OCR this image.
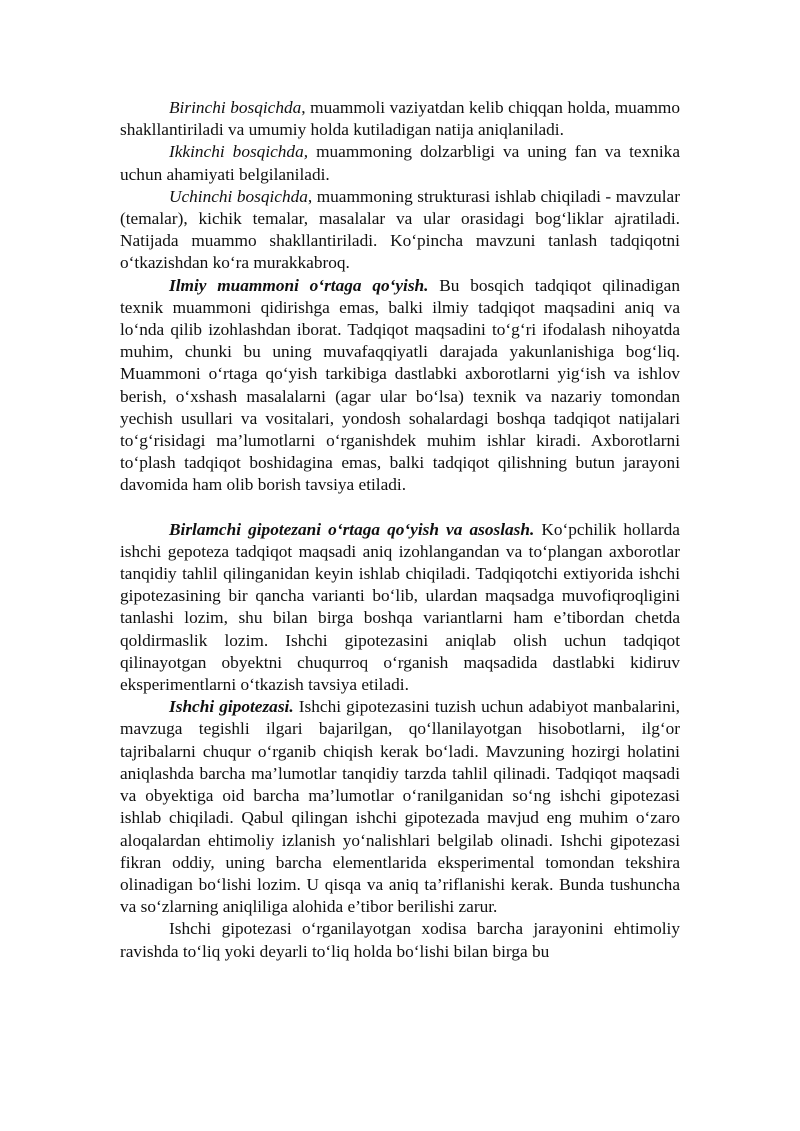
Birinchi bosqichda, muammoli vaziyatdan kelib chiqqan holda, muammo shakllantiriladi va umumiy holda kutiladigan natija aniqlaniladi.

Ikkinchi bosqichda, muammoning dolzarbligi va uning fan va texnika uchun ahamiyati belgilaniladi.

Uchinchi bosqichda, muammoning strukturasi ishlab chiqiladi - mavzular (temalar), kichik temalar, masalalar va ular orasidagi bog‘liklar ajratiladi. Natijada muammo shakllantiriladi. Ko‘pincha mavzuni tanlash tadqiqotni o‘tkazishdan ko‘ra murakkabroq.

Ilmiy muammoni o‘rtaga qo‘yish. Bu bosqich tadqiqot qilinadigan texnik muammoni qidirishga emas, balki ilmiy tadqiqot maqsadini aniq va lo‘nda qilib izohlashdan iborat. Tadqiqot maqsadini to‘g‘ri ifodalash nihoyatda muhim, chunki bu uning muvafaqqiyatli darajada yakunlanishiga bog‘liq. Muammoni o‘rtaga qo‘yish tarkibiga dastlabki axborotlarni yig‘ish va ishlov berish, o‘xshash masalalarni (agar ular bo‘lsa) texnik va nazariy tomondan yechish usullari va vositalari, yondosh sohalardagi boshqa tadqiqot natijalari to‘g‘risidagi ma’lumotlarni o‘rganishdek muhim ishlar kiradi. Axborotlarni to‘plash tadqiqot boshidagina emas, balki tadqiqot qilishning butun jarayoni davomida ham olib borish tavsiya etiladi.

Birlamchi gipotezani o‘rtaga qo‘yish va asoslash. Ko‘pchilik hollarda ishchi gepoteza tadqiqot maqsadi aniq izohlangandan va to‘plangan axborotlar tanqidiy tahlil qilinganidan keyin ishlab chiqiladi. Tadqiqotchi extiyorida ishchi gipotezasining bir qancha varianti bo‘lib, ulardan maqsadga muvofiqroqligini tanlashi lozim, shu bilan birga boshqa variantlarni ham e’tibordan chetda qoldirmaslik lozim. Ishchi gipotezasini aniqlab olish uchun tadqiqot qilinayotgan obyektni chuqurroq o‘rganish maqsadida dastlabki kidiruv eksperimentlarni o‘tkazish tavsiya etiladi.

Ishchi gipotezasi. Ishchi gipotezasini tuzish uchun adabiyot manbalarini, mavzuga tegishli ilgari bajarilgan, qo‘llanilayotgan hisobotlarni, ilg‘or tajribalarni chuqur o‘rganib chiqish kerak bo‘ladi. Mavzuning hozirgi holatini aniqlashda barcha ma’lumotlar tanqidiy tarzda tahlil qilinadi. Tadqiqot maqsadi va obyektiga oid barcha ma’lumotlar o‘ranilganidan so‘ng ishchi gipotezasi ishlab chiqiladi. Qabul qilingan ishchi gipotezada mavjud eng muhim o‘zaro aloqalardan ehtimoliy izlanish yo‘nalishlari belgilab olinadi. Ishchi gipotezasi fikran oddiy, uning barcha elementlarida eksperimental tomondan tekshira olinadigan bo‘lishi lozim. U qisqa va aniq ta’riflanishi kerak. Bunda tushuncha va so‘zlarning aniqliliga alohida e’tibor berilishi zarur.

Ishchi gipotezasi o‘rganilayotgan xodisa barcha jarayonini ehtimoliy ravishda to‘liq yoki deyarli to‘liq holda bo‘lishi bilan birga bu
